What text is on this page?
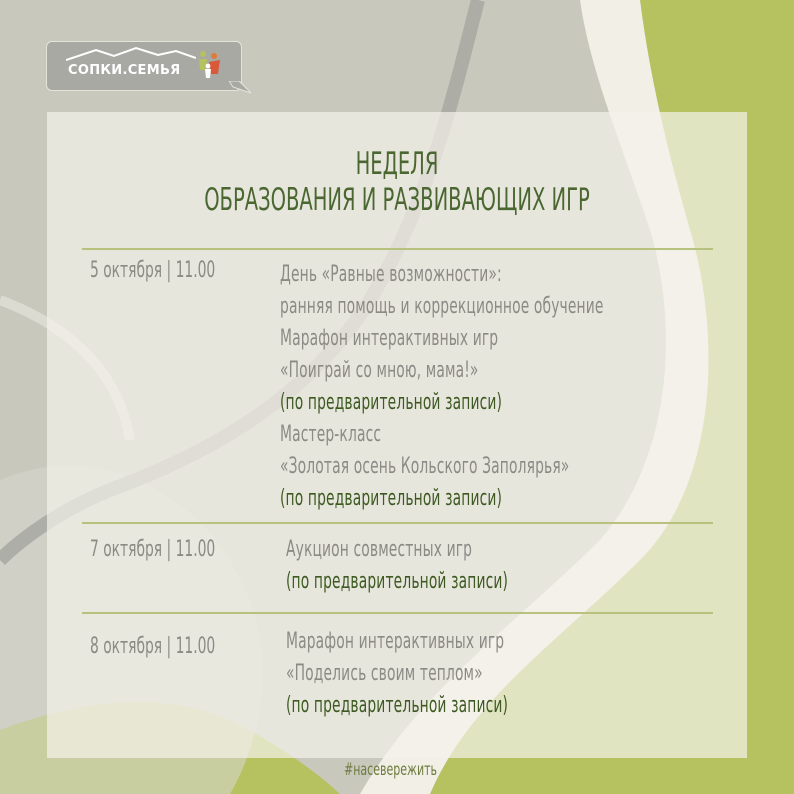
СОПКИ.СЕМЬЯ
НЕДЕЛЯ
ОБРАЗОВАНИЯ И РАЗВИВАЮЩИХ ИГР
5 октября | 11.00	День «Равные возможности»:
ранняя помощь и коррекционное обучение
Марафон интерактивных игр
«Поиграй со мною, мама!»
(по предварительной записи)
Мастер-класс
«Золотая осень Кольского Заполярья»
(по предварительной записи)
7 октября | 11.00	Аукцион совместных игр
(по предварительной записи)
8 октября | 11.00	Марафон интерактивных игр
«Поделись своим теплом»
(по предварительной записи)
#насевережить
